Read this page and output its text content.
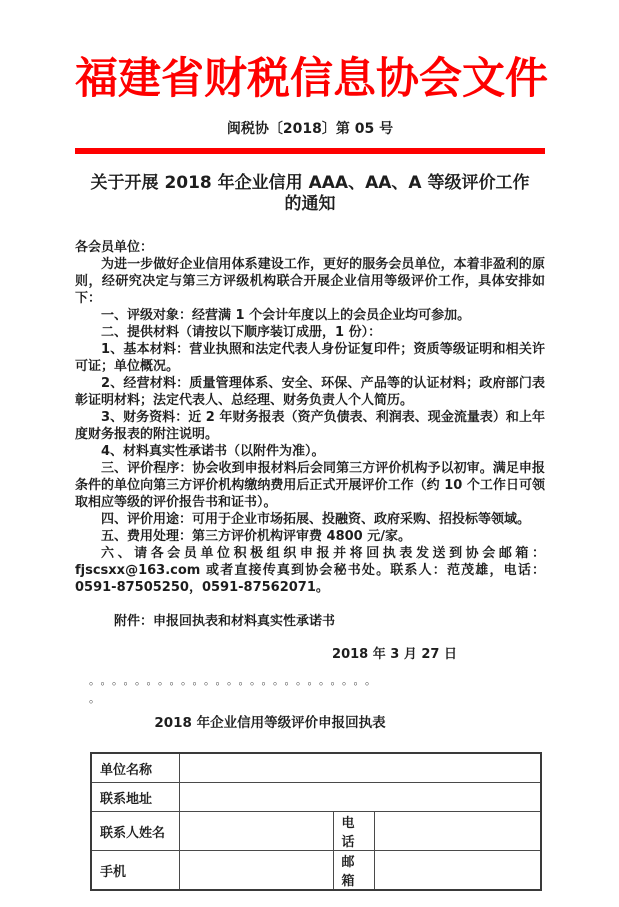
福建省财税信息协会文件
闽税协〔2018〕第 05 号
关于开展 2018 年企业信用 AAA、AA、A 等级评价工作的通知

各会员单位：

为进一步做好企业信用体系建设工作，更好的服务会员单位，本着非盈利的原则，经研究决定与第三方评级机构联合开展企业信用等级评价工作，具体安排如下：

一、评级对象：经营满 1 个会计年度以上的会员企业均可参加。

二、提供材料（请按以下顺序装订成册，1 份）：

1、基本材料：营业执照和法定代表人身份证复印件；资质等级证明和相关许可证；单位概况。

2、经营材料：质量管理体系、安全、环保、产品等的认证材料；政府部门表彰证明材料；法定代表人、总经理、财务负责人个人简历。

3、财务资料：近 2 年财务报表（资产负债表、利润表、现金流量表）和上年度财务报表的附注说明。

4、材料真实性承诺书（以附件为准）。

三、评价程序：协会收到申报材料后会同第三方评价机构予以初审。满足申报条件的单位向第三方评价机构缴纳费用后正式开展评价工作（约 10 个工作日可领取相应等级的评价报告书和证书）。

四、评价用途：可用于企业市场拓展、投融资、政府采购、招投标等领域。

五、费用处理：第三方评价机构评审费 4800 元/家。

六、请各会员单位积极组织申报并将回执表发送到协会邮箱：fjscsxx@163.com 或者直接传真到协会秘书处。联系人：范茂雄，电话：0591-87505250，0591-87562071。

附件：申报回执表和材料真实性承诺书
2018 年 3 月 27 日
。。。。。。。。。。。。。。。。。。。。。。。。。
。
2018 年企业信用等级评价申报回执表
单位名称			
联系地址			
联系人姓名		电话	
手机		邮箱	
